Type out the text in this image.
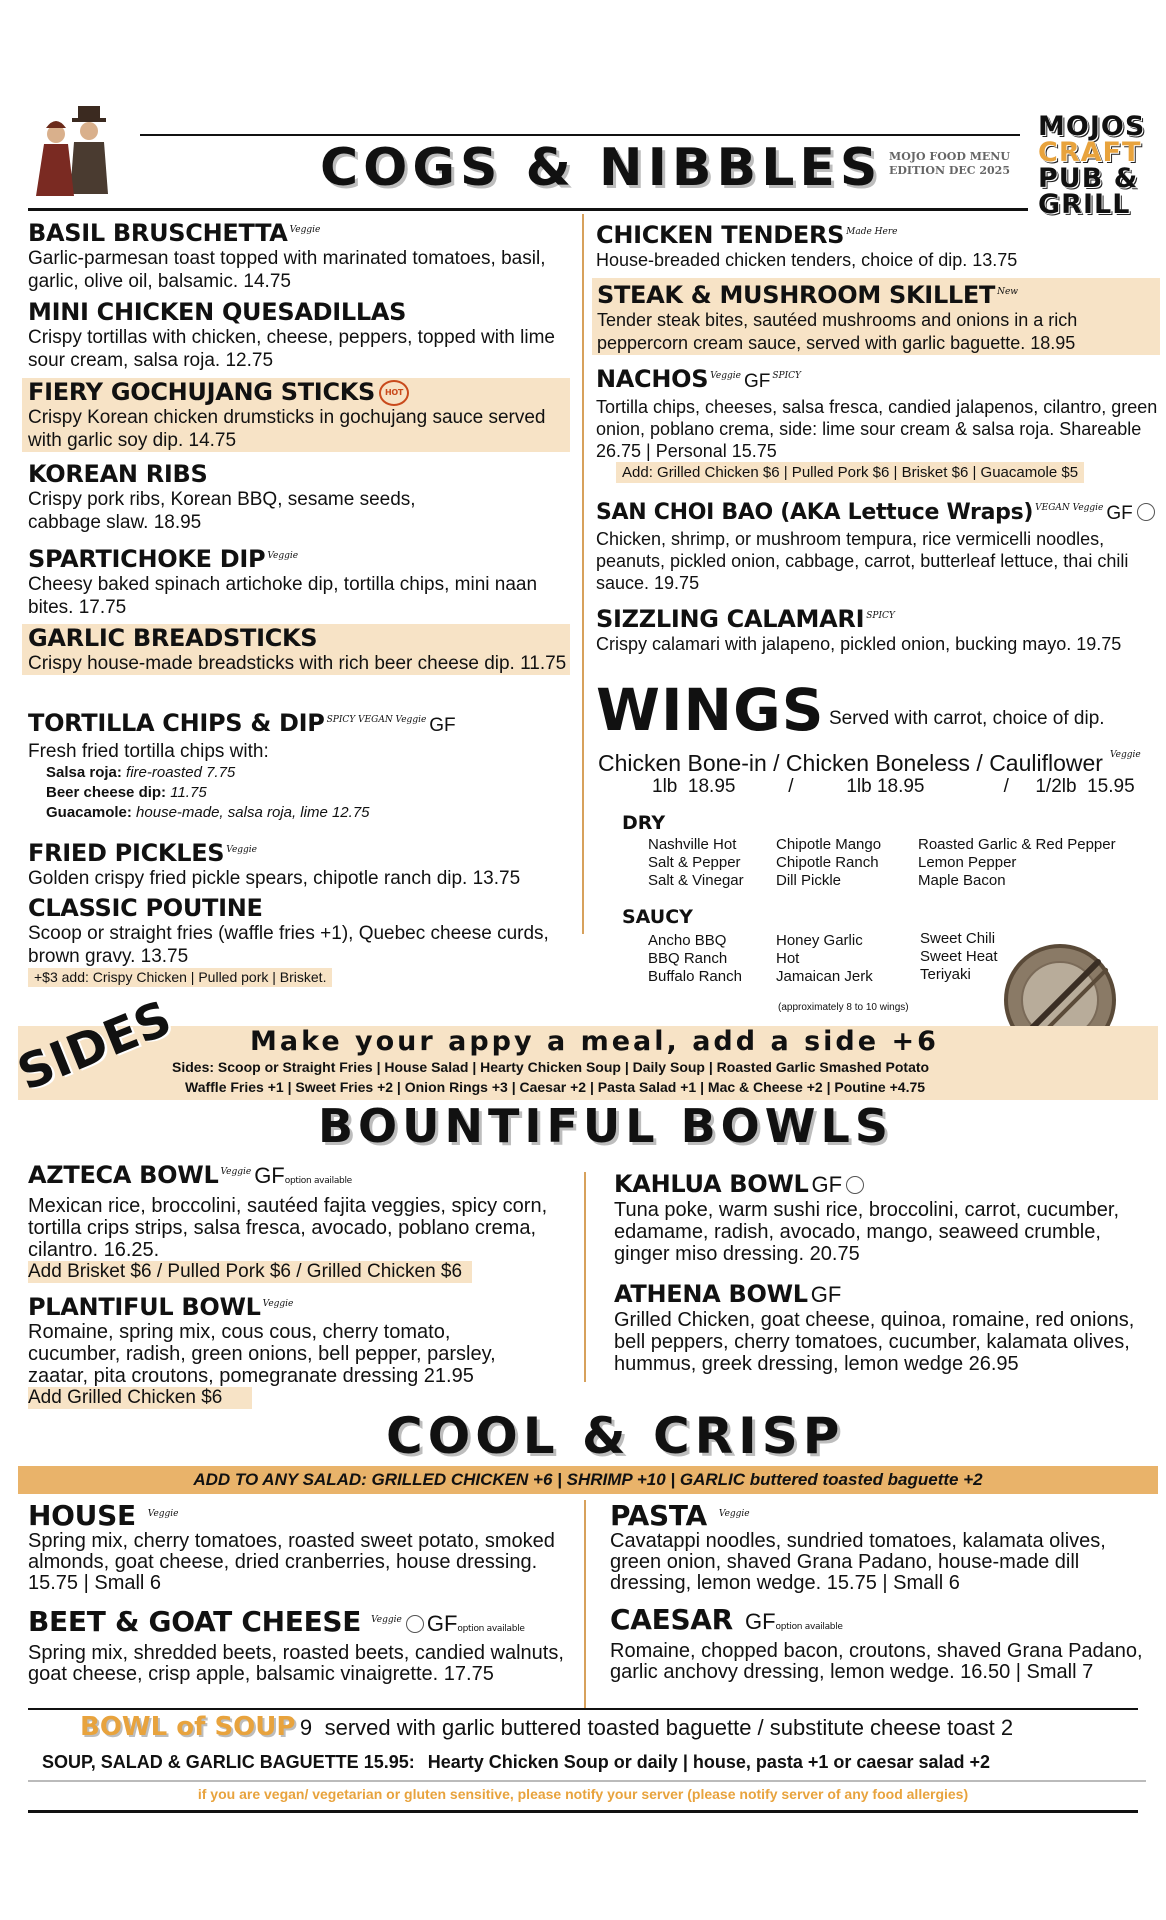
COGS & NIBBLES MOJO FOOD MENU
EDITION DEC 2025
MOJOS
CRAFT
PUB &
GRILL
BASIL BRUSCHETTA $^{Veggie}$
Garlic-parmesan toast topped with marinated tomatoes, basil, garlic, olive oil, balsamic. 14.75
MINI CHICKEN QUESADILLAS
Crispy tortillas with chicken, cheese, peppers, topped with lime sour cream, salsa roja. 12.75
FIERY GOCHUJANG STICKS HOT
Crispy Korean chicken drumsticks in gochujang sauce served with garlic soy dip. 14.75
KOREAN RIBS
Crispy pork ribs, Korean BBQ, sesame seeds, cabbage slaw. 18.95
SPARTICHOKE DIP $^{Veggie}$
Cheesy baked spinach artichoke dip, tortilla chips, mini naan bites. 17.75
GARLIC BREADSTICKS
Crispy house-made breadsticks with rich beer cheese dip. 11.75
TORTILLA CHIPS & DIP $^{SPICY VEGAN Veggie}$ GF
Fresh fried tortilla chips with:
Salsa roja: fire-roasted 7.75
Beer cheese dip: 11.75
Guacamole: house-made, salsa roja, lime 12.75
FRIED PICKLES $^{Veggie}$
Golden crispy fried pickle spears, chipotle ranch dip. 13.75
CLASSIC POUTINE
Scoop or straight fries (waffle fries +1), Quebec cheese curds, brown gravy. 13.75
+$3 add: Crispy Chicken | Pulled pork | Brisket.
CHICKEN TENDERS $^{Made Here}$
House-breaded chicken tenders, choice of dip. 13.75
STEAK & MUSHROOM SKILLET $^{New}$
Tender steak bites, sautéed mushrooms and onions in a rich peppercorn cream sauce, served with garlic baguette. 18.95
NACHOS $^{Veggie}$ GF $^{SPICY}$
Tortilla chips, cheeses, salsa fresca, candied jalapenos, cilantro, green onion, poblano crema, side: lime sour cream & salsa roja. Shareable 26.75 | Personal 15.75
Add: Grilled Chicken $6 | Pulled Pork $6 | Brisket $6 | Guacamole $5
SAN CHOI BAO (AKA Lettuce Wraps) $^{VEGAN Veggie}$ GF
Chicken, shrimp, or mushroom tempura, rice vermicelli noodles, peanuts, pickled onion, cabbage, carrot, butterleaf lettuce, thai chili sauce. 19.75
SIZZLING CALAMARI $^{SPICY}$
Crispy calamari with jalapeno, pickled onion, bucking mayo. 19.75
WINGS Served with carrot, choice of dip.
Chicken Bone-in / Chicken Boneless / Cauliflower Veggie
1lb  18.95          /          1lb 18.95               /     1/2lb  15.95
DRY
Nashville Hot
Salt & Pepper
Salt & Vinegar
Chipotle Mango
Chipotle Ranch
Dill Pickle
Roasted Garlic & Red Pepper
Lemon Pepper
Maple Bacon
SAUCY
Ancho BBQ
BBQ Ranch
Buffalo Ranch
Honey Garlic
Hot
Jamaican Jerk
Sweet Chili
Sweet Heat
Teriyaki
(approximately 8 to 10 wings)
SIDES	Make your appy a meal, add a side +6
Sides: Scoop or Straight Fries | House Salad | Hearty Chicken Soup | Daily Soup | Roasted Garlic Smashed Potato
Waffle Fries +1 | Sweet Fries +2 | Onion Rings +3 | Caesar +2 | Pasta Salad +1 | Mac & Cheese +2 | Poutine +4.75
BOUNTIFUL BOWLS
AZTECA BOWL $^{Veggie}$ GFoption available
Mexican rice, broccolini, sautéed fajita veggies, spicy corn, tortilla crips strips, salsa fresca, avocado, poblano crema, cilantro. 16.25.
Add Brisket $6 / Pulled Pork $6 / Grilled Chicken $6
PLANTIFUL BOWL $^{Veggie}$
Romaine, spring mix, cous cous, cherry tomato, cucumber, radish, green onions, bell pepper, parsley, zaatar, pita croutons, pomegranate dressing 21.95
Add Grilled Chicken $6
KAHLUA BOWL GF
Tuna poke, warm sushi rice, broccolini, carrot, cucumber, edamame, radish, avocado, mango, seaweed crumble, ginger miso dressing. 20.75
ATHENA BOWL GF
Grilled Chicken, goat cheese, quinoa, romaine, red onions, bell peppers, cherry tomatoes, cucumber, kalamata olives, hummus, greek dressing, lemon wedge 26.95
COOL & CRISP
ADD TO ANY SALAD: GRILLED CHICKEN +6 | SHRIMP +10 | GARLIC buttered toasted baguette +2
HOUSE $^{Veggie}$
Spring mix, cherry tomatoes, roasted sweet potato, smoked almonds, goat cheese, dried cranberries, house dressing. 15.75 | Small 6
BEET & GOAT CHEESE $^{Veggie}$ GFoption available
Spring mix, shredded beets, roasted beets, candied walnuts, goat cheese, crisp apple, balsamic vinaigrette. 17.75
PASTA $^{Veggie}$
Cavatappi noodles, sundried tomatoes, kalamata olives, green onion, shaved Grana Padano, house-made dill dressing, lemon wedge. 15.75 | Small 6
CAESAR GFoption available
Romaine, chopped bacon, croutons, shaved Grana Padano, garlic anchovy dressing, lemon wedge. 16.50 | Small 7
BOWL of SOUP 9 served with garlic buttered toasted baguette / substitute cheese toast 2
SOUP, SALAD & GARLIC BAGUETTE 15.95: Hearty Chicken Soup or daily | house, pasta +1 or caesar salad +2
if you are vegan/ vegetarian or gluten sensitive, please notify your server (please notify server of any food allergies)
